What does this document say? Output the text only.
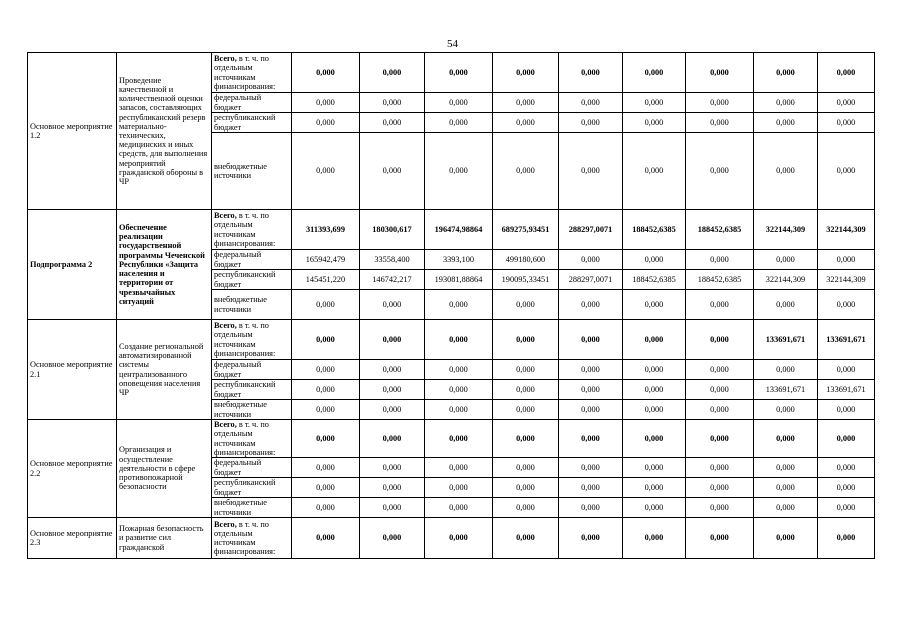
54
Основное мероприятие 1.2	Проведение качественной и количественной оценки запасов, составляющих республиканский резерв материально-технических, медицинских и иных средств, для выполнения мероприятий гражданской обороны в ЧР	Всего, в т. ч. по отдельным источникам финансирования:	0,000	0,000	0,000	0,000	0,000	0,000	0,000	0,000	0,000
		федеральный бюджет	0,000	0,000	0,000	0,000	0,000	0,000	0,000	0,000	0,000
		республиканский бюджет	0,000	0,000	0,000	0,000	0,000	0,000	0,000	0,000	0,000
		внебюджетные источники	0,000	0,000	0,000	0,000	0,000	0,000	0,000	0,000	0,000
Подпрограмма 2	Обеспечение реализации государственной программы Чеченской Республики «Защита населения и территории от чрезвычайных ситуаций	Всего, в т. ч. по отдельным источникам финансирования:	311393,699	180300,617	196474,98864	689275,93451	288297,0071	188452,6385	188452,6385	322144,309	322144,309
		федеральный бюджет	165942,479	33558,400	3393,100	499180,600	0,000	0,000	0,000	0,000	0,000
		республиканский бюджет	145451,220	146742,217	193081,88864	190095,33451	288297,0071	188452,6385	188452,6385	322144,309	322144,309
		внебюджетные источники	0,000	0,000	0,000	0,000	0,000	0,000	0,000	0,000	0,000
Основное мероприятие 2.1	Создание региональной автоматизированной системы централизованного оповещения населения ЧР	Всего, в т. ч. по отдельным источникам финансирования:	0,000	0,000	0,000	0,000	0,000	0,000	0,000	133691,671	133691,671
		федеральный бюджет	0,000	0,000	0,000	0,000	0,000	0,000	0,000	0,000	0,000
		республиканский бюджет	0,000	0,000	0,000	0,000	0,000	0,000	0,000	133691,671	133691,671
		внебюджетные источники	0,000	0,000	0,000	0,000	0,000	0,000	0,000	0,000	0,000
Основное мероприятие 2.2	Организация и осуществление деятельности в сфере противопожарной безопасности	Всего, в т. ч. по отдельным источникам финансирования:	0,000	0,000	0,000	0,000	0,000	0,000	0,000	0,000	0,000
		федеральный бюджет	0,000	0,000	0,000	0,000	0,000	0,000	0,000	0,000	0,000
		республиканский бюджет	0,000	0,000	0,000	0,000	0,000	0,000	0,000	0,000	0,000
		внебюджетные источники	0,000	0,000	0,000	0,000	0,000	0,000	0,000	0,000	0,000
Основное мероприятие 2.3	Пожарная безопасность и развитие сил гражданской	Всего, в т. ч. по отдельным источникам финансирования:	0,000	0,000	0,000	0,000	0,000	0,000	0,000	0,000	0,000
